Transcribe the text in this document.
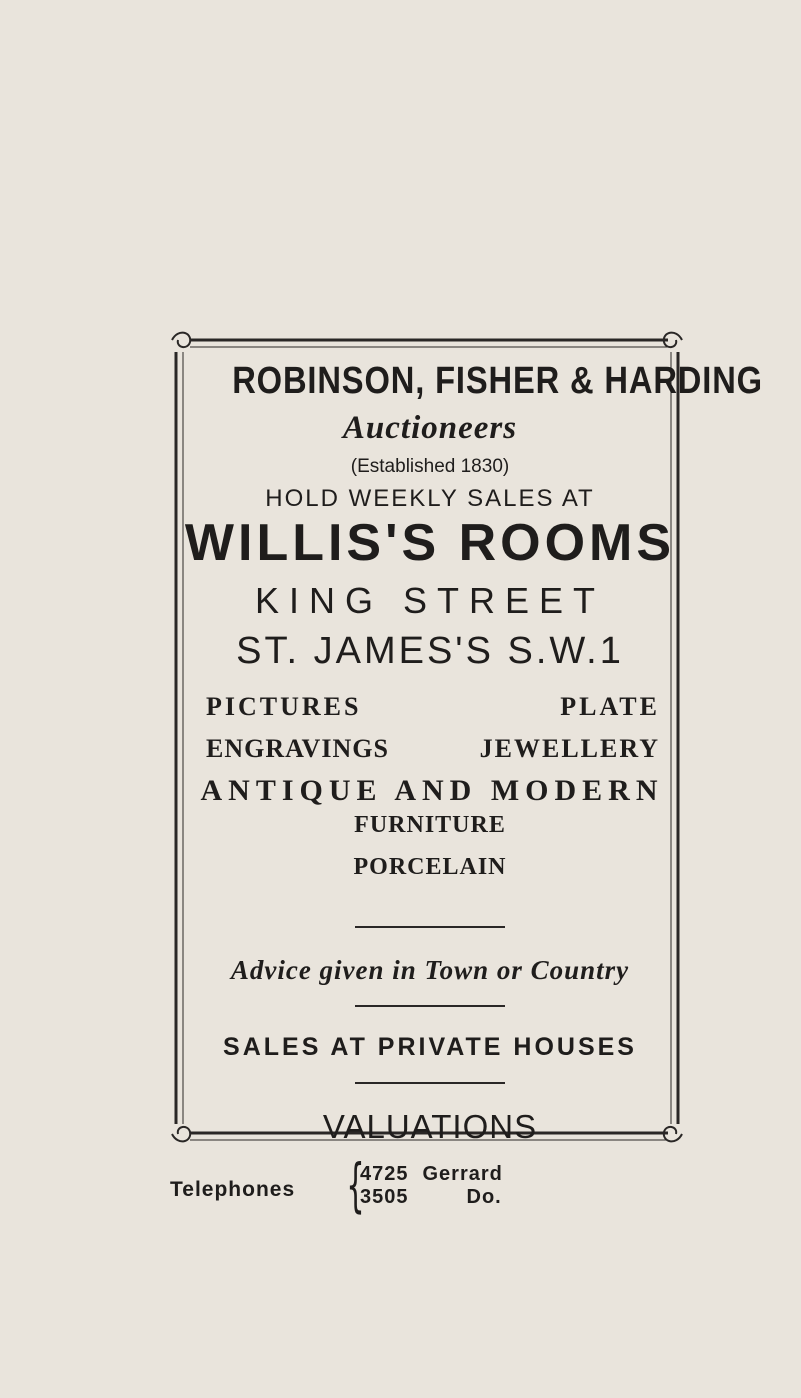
ROBINSON, FISHER & HARDING
Auctioneers
(Established 1830)
HOLD WEEKLY SALES AT
WILLIS'S ROOMS
KING STREET
ST. JAMES'S S.W.1
PICTURES	PLATE
ENGRAVINGS	JEWELLERY
ANTIQUE AND MODERN
FURNITURE
PORCELAIN
Advice given in Town or Country
SALES AT PRIVATE HOUSES
VALUATIONS
Telephones {
4725 Gerrard
3505	Do.
